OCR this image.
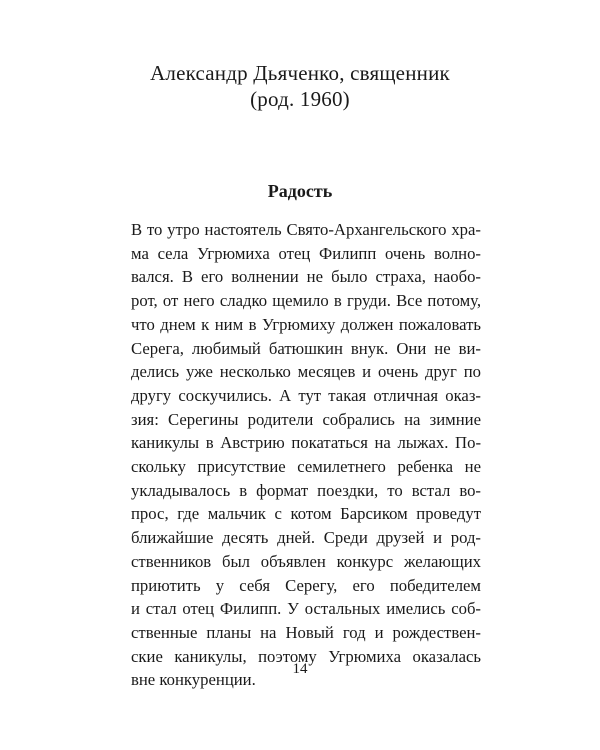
Александр Дьяченко, священник
(род. 1960)
Радость
В то утро настоятель Свято-Архангельского хра-
ма села Угрюмиха отец Филипп очень волно-
вался. В его волнении не было страха, наобо-
рот, от него сладко щемило в груди. Все потому,
что днем к ним в Угрюмиху должен пожаловать
Серега, любимый батюшкин внук. Они не ви-
делись уже несколько месяцев и очень друг по
другу соскучились. А тут такая отличная оказ-
зия: Серегины родители собрались на зимние
каникулы в Австрию покататься на лыжах. По-
скольку присутствие семилетнего ребенка не
укладывалось в формат поездки, то встал во-
прос, где мальчик с котом Барсиком проведут
ближайшие десять дней. Среди друзей и род-
ственников был объявлен конкурс желающих
приютить у себя Серегу, его победителем
и стал отец Филипп. У остальных имелись соб-
ственные планы на Новый год и рождествен-
ские каникулы, поэтому Угрюмиха оказалась
вне конкуренции.
14
